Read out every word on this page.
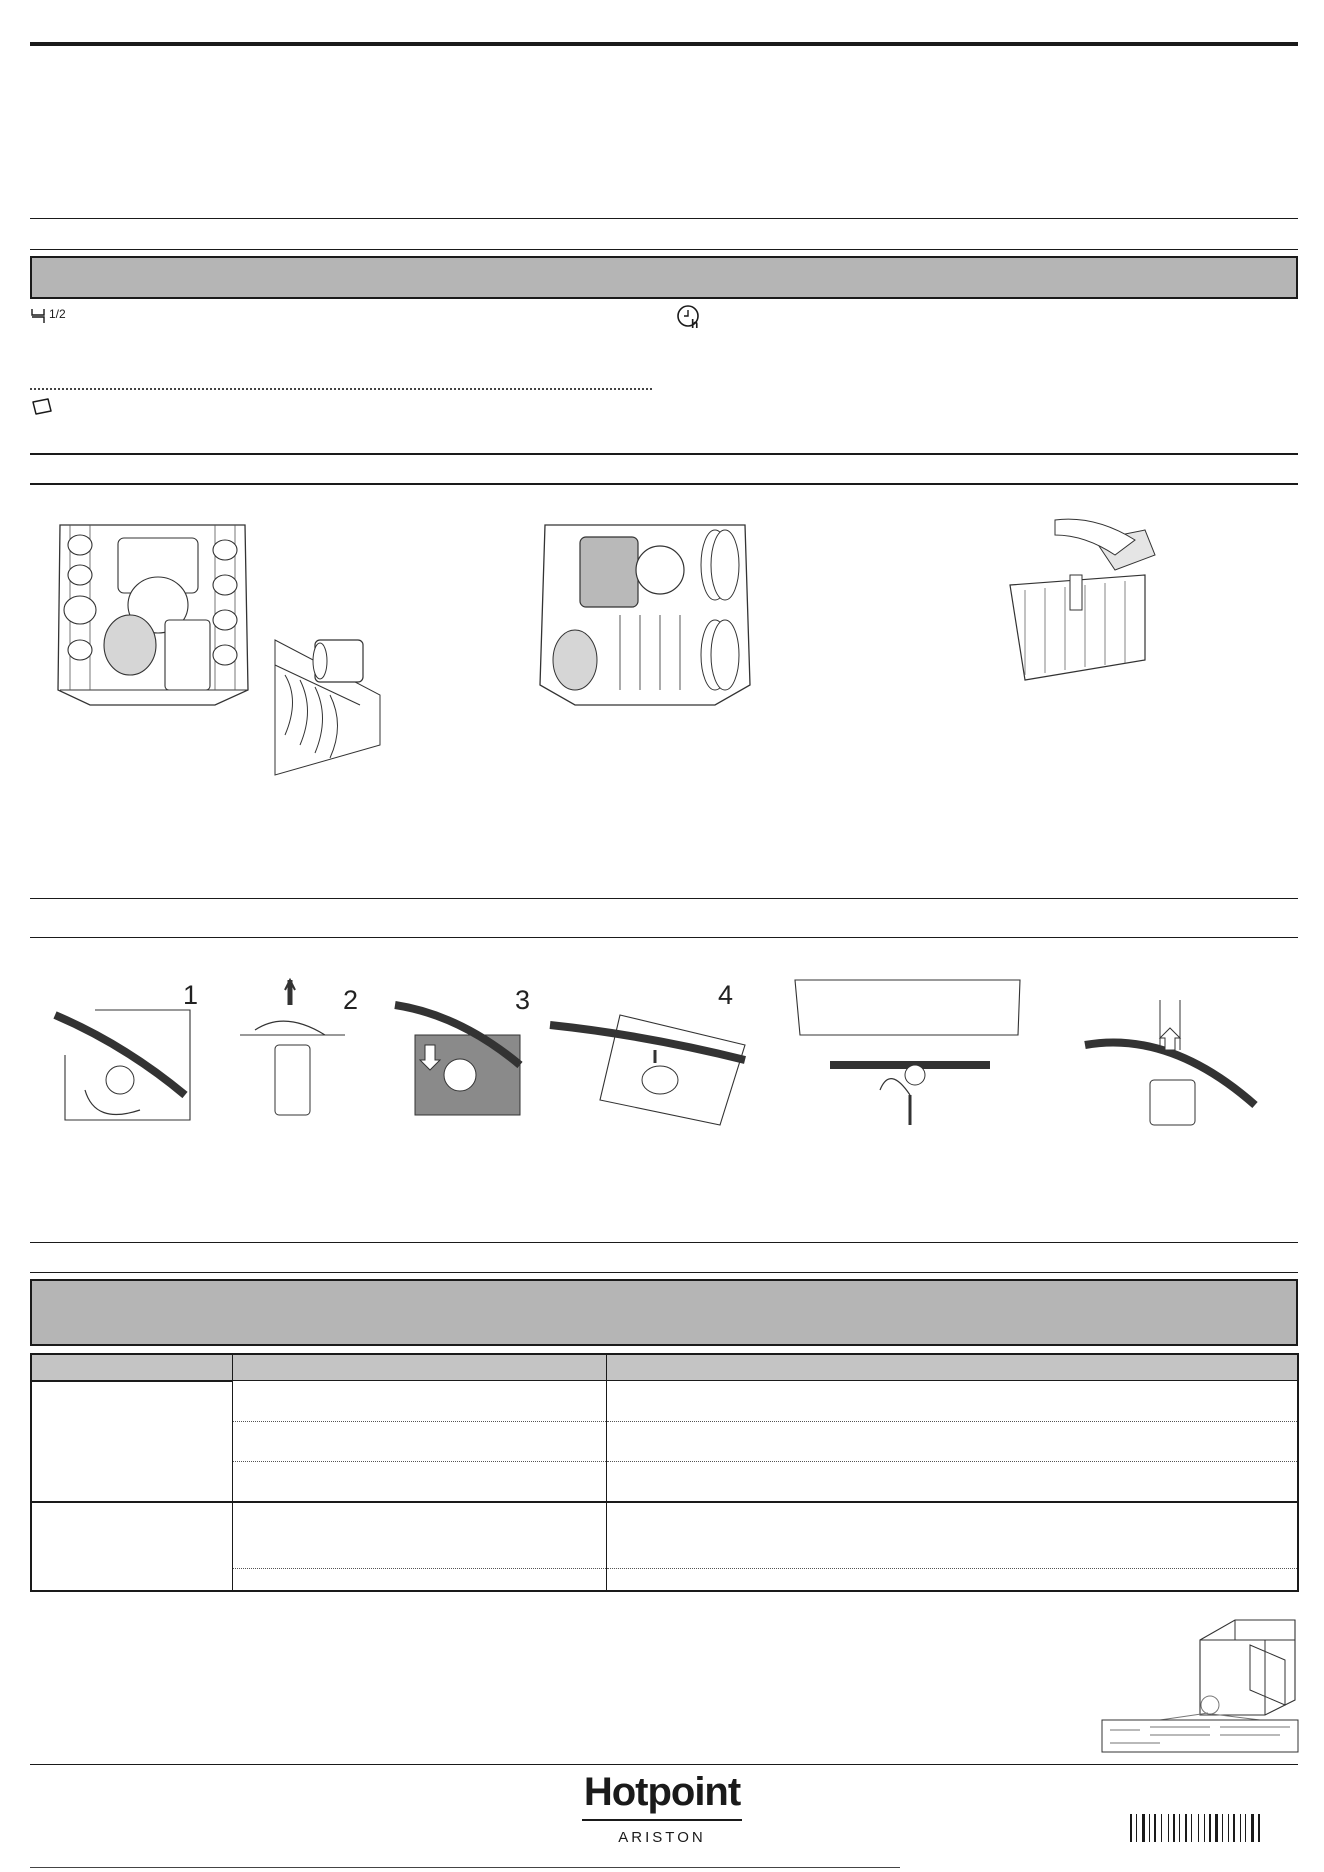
1/2
h
1	2	3	4

Hotpoint
ARISTON
